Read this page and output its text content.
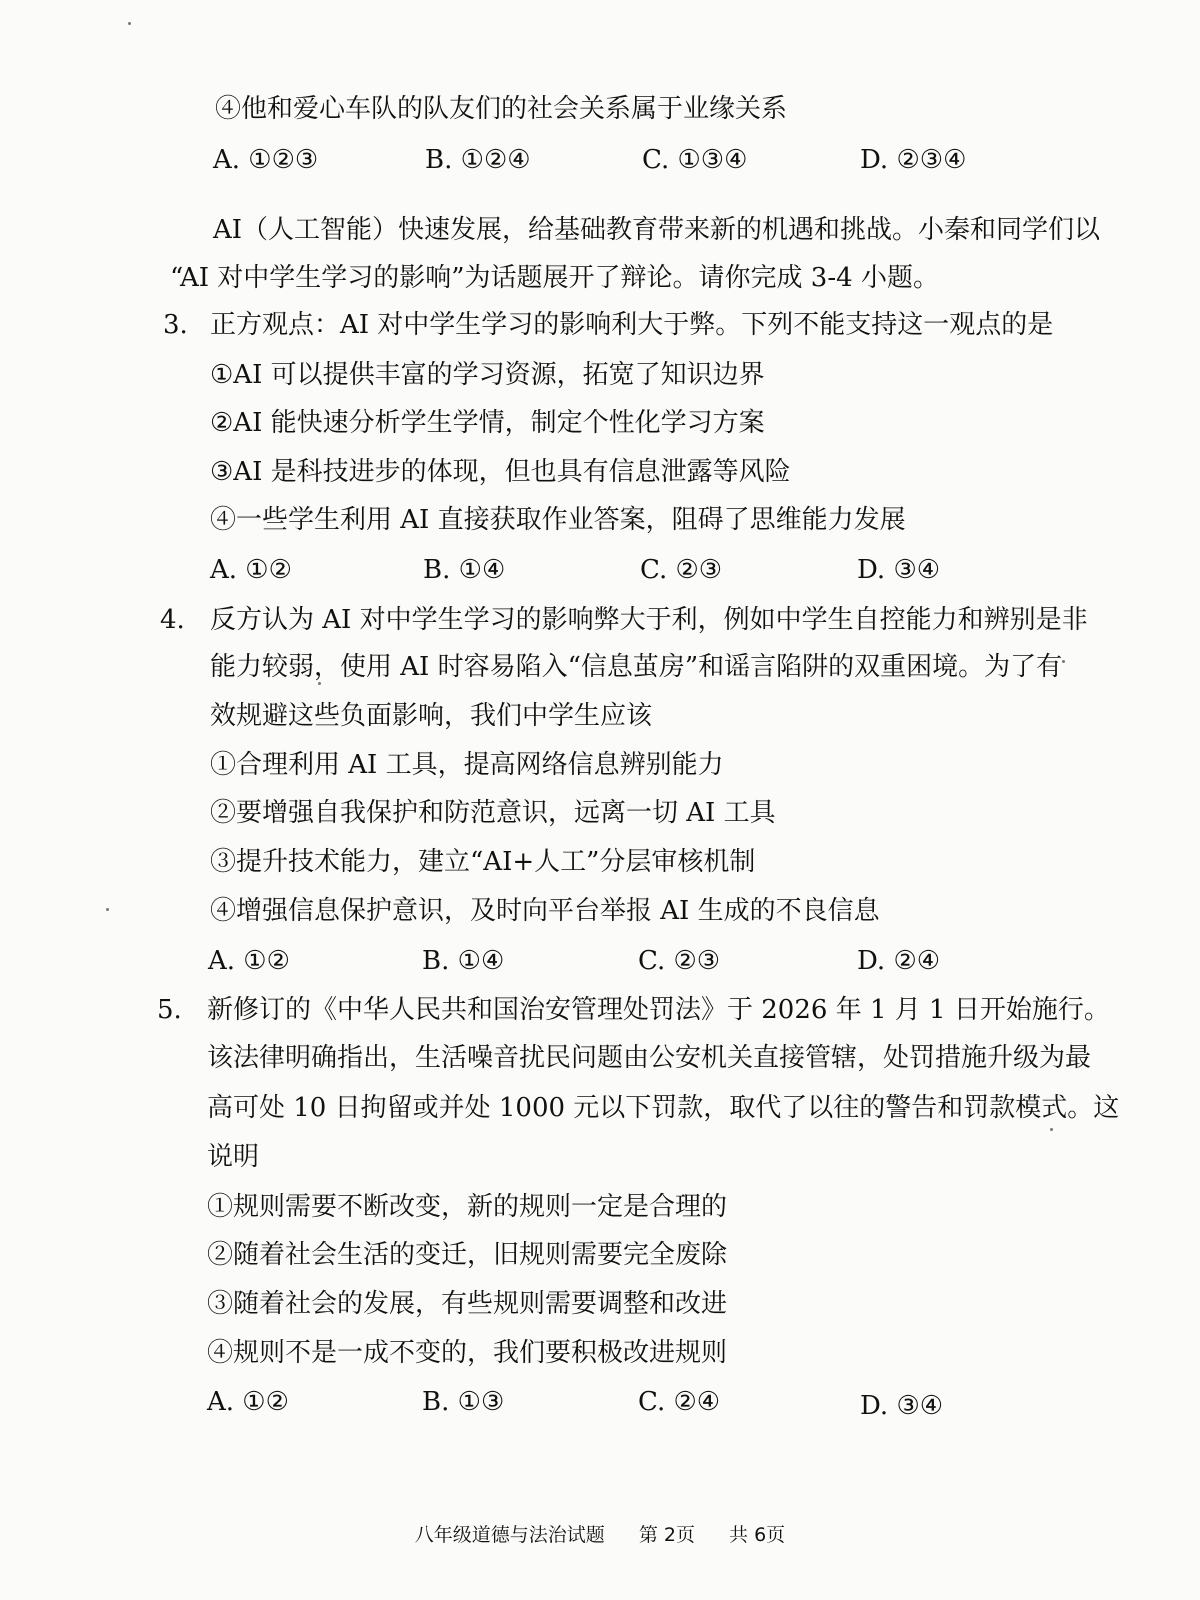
④他和爱心车队的队友们的社会关系属于业缘关系
A. ①②③	B. ①②④	C. ①③④	D. ②③④
AI（人工智能）快速发展，给基础教育带来新的机遇和挑战。小秦和同学们以
“AI 对中学生学习的影响”为话题展开了辩论。请你完成 3-4 小题。
3. 正方观点：AI 对中学生学习的影响利大于弊。下列不能支持这一观点的是
①AI 可以提供丰富的学习资源，拓宽了知识边界
②AI 能快速分析学生学情，制定个性化学习方案
③AI 是科技进步的体现，但也具有信息泄露等风险
④一些学生利用 AI 直接获取作业答案，阻碍了思维能力发展
A. ①②	B. ①④	C. ②③	D. ③④
4. 反方认为 AI 对中学生学习的影响弊大于利，例如中学生自控能力和辨别是非
能力较弱，使用 AI 时容易陷入“信息茧房”和谣言陷阱的双重困境。为了有
效规避这些负面影响，我们中学生应该
①合理利用 AI 工具，提高网络信息辨别能力
②要增强自我保护和防范意识，远离一切 AI 工具
③提升技术能力，建立“AI+人工”分层审核机制
④增强信息保护意识，及时向平台举报 AI 生成的不良信息
A. ①②	B. ①④	C. ②③	D. ②④
5. 新修订的《中华人民共和国治安管理处罚法》于 2026 年 1 月 1 日开始施行。
该法律明确指出，生活噪音扰民问题由公安机关直接管辖，处罚措施升级为最
高可处 10 日拘留或并处 1000 元以下罚款，取代了以往的警告和罚款模式。这
说明
①规则需要不断改变，新的规则一定是合理的
②随着社会生活的变迁，旧规则需要完全废除
③随着社会的发展，有些规则需要调整和改进
④规则不是一成不变的，我们要积极改进规则
A. ①②	B. ①③	C. ②④	D. ③④
八年级道德与法治试题 第 2页 共 6页
